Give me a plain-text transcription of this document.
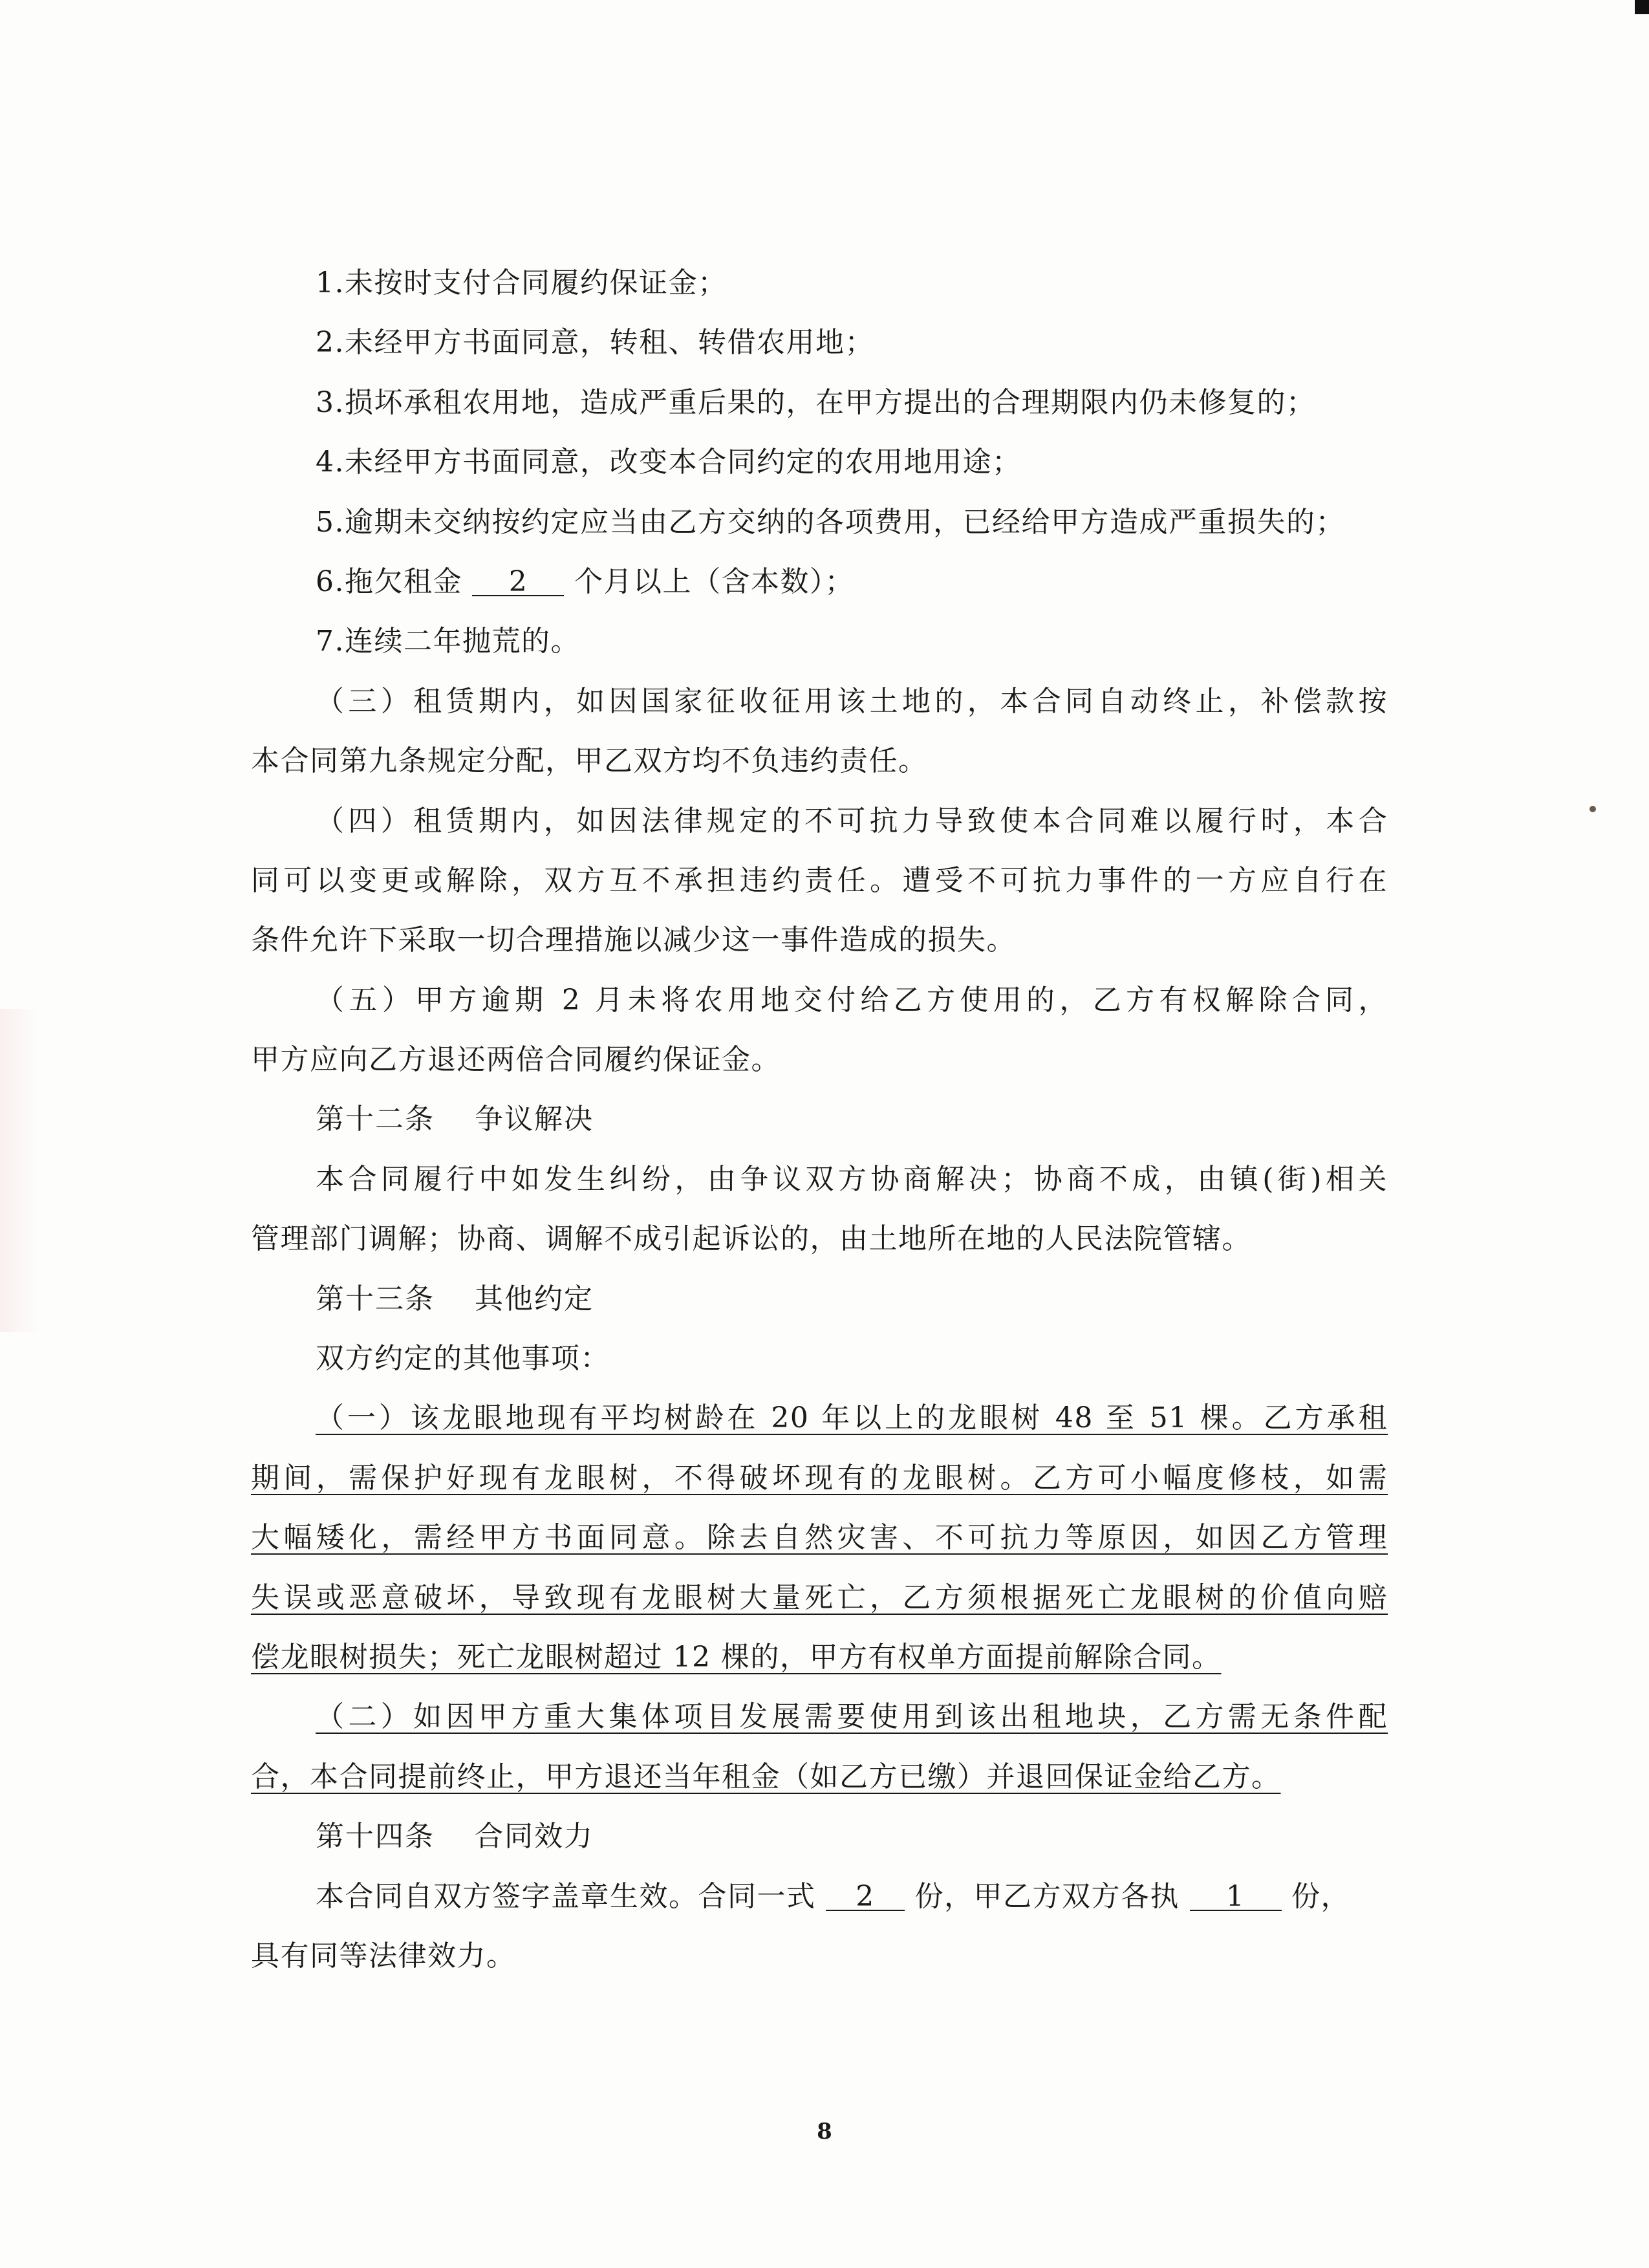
1.未按时支付合同履约保证金；
2.未经甲方书面同意，转租、转借农用地；
3.损坏承租农用地，造成严重后果的，在甲方提出的合理期限内仍未修复的；
4.未经甲方书面同意，改变本合同约定的农用地用途；
5.逾期未交纳按约定应当由乙方交纳的各项费用，已经给甲方造成严重损失的；
6.拖欠租金 2 个月以上（含本数）；
7.连续二年抛荒的。
（三）租赁期内，如因国家征收征用该土地的，本合同自动终止，补偿款按
本合同第九条规定分配，甲乙双方均不负违约责任。
（四）租赁期内，如因法律规定的不可抗力导致使本合同难以履行时，本合
同可以变更或解除，双方互不承担违约责任。遭受不可抗力事件的一方应自行在
条件允许下采取一切合理措施以减少这一事件造成的损失。
（五）甲方逾期 2 月未将农用地交付给乙方使用的，乙方有权解除合同，
甲方应向乙方退还两倍合同履约保证金。
第十二条 争议解决
本合同履行中如发生纠纷，由争议双方协商解决；协商不成，由镇(街)相关
管理部门调解；协商、调解不成引起诉讼的，由土地所在地的人民法院管辖。
第十三条 其他约定
双方约定的其他事项：
（一）该龙眼地现有平均树龄在 20 年以上的龙眼树 48 至 51 棵。乙方承租
期间，需保护好现有龙眼树，不得破坏现有的龙眼树。乙方可小幅度修枝，如需
大幅矮化，需经甲方书面同意。除去自然灾害、不可抗力等原因，如因乙方管理
失误或恶意破坏，导致现有龙眼树大量死亡，乙方须根据死亡龙眼树的价值向赔
偿龙眼树损失；死亡龙眼树超过 12 棵的，甲方有权单方面提前解除合同。
（二）如因甲方重大集体项目发展需要使用到该出租地块，乙方需无条件配
合，本合同提前终止，甲方退还当年租金（如乙方已缴）并退回保证金给乙方。
第十四条 合同效力
本合同自双方签字盖章生效。合同一式 2 份，甲乙方双方各执 1 份，
具有同等法律效力。
8
